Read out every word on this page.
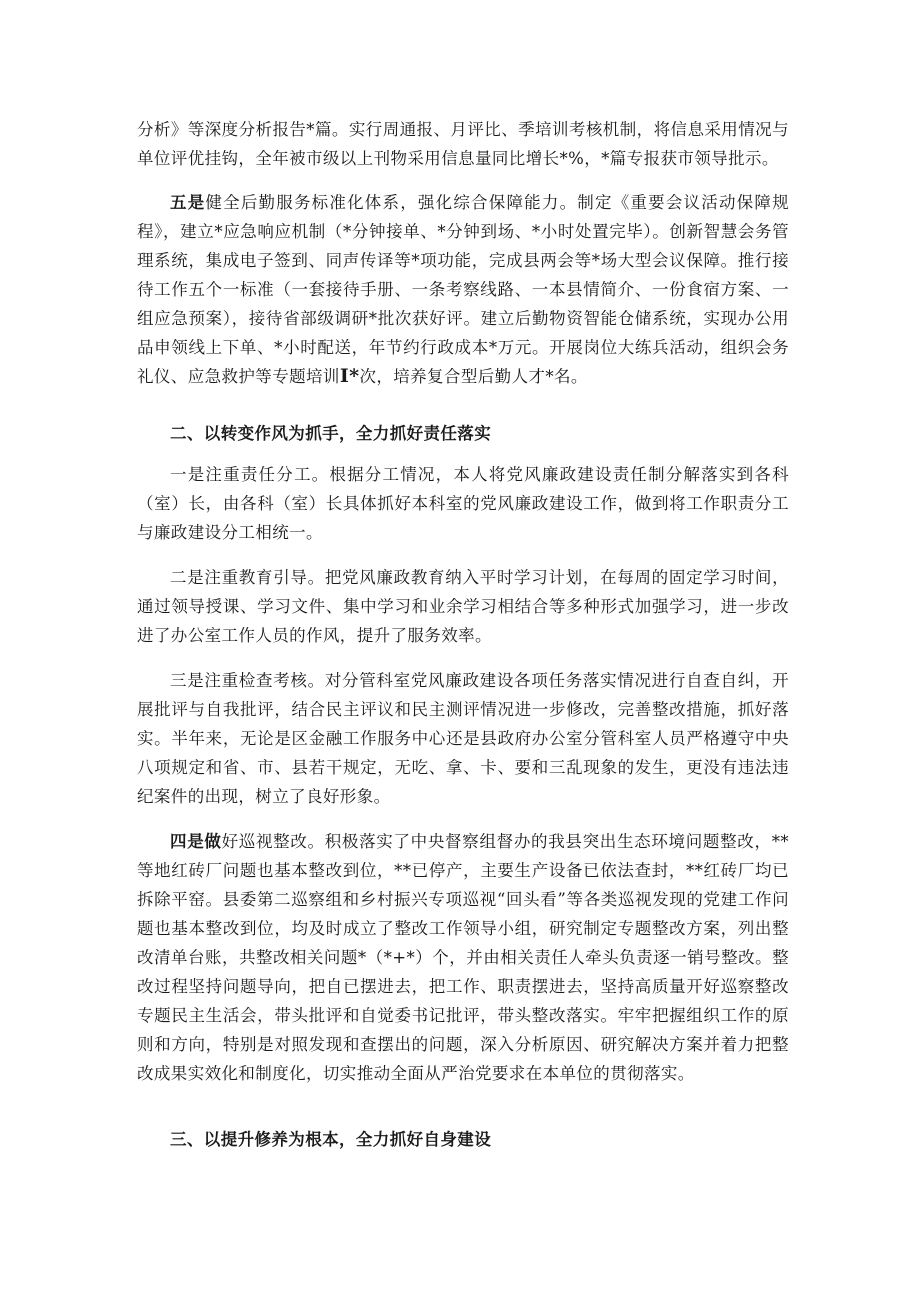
分析》等深度分析报告*篇。实行周通报、月评比、季培训考核机制，将信息采用情况与单位评优挂钩，全年被市级以上刊物采用信息量同比增长*%，*篇专报获市领导批示。

五是健全后勤服务标准化体系，强化综合保障能力。制定《重要会议活动保障规程》，建立*应急响应机制（*分钟接单、*分钟到场、*小时处置完毕）。创新智慧会务管理系统，集成电子签到、同声传译等*项功能，完成县两会等*场大型会议保障。推行接待工作五个一标准（一套接待手册、一条考察线路、一本县情简介、一份食宿方案、一组应急预案），接待省部级调研*批次获好评。建立后勤物资智能仓储系统，实现办公用品申领线上下单、*小时配送，年节约行政成本*万元。开展岗位大练兵活动，组织会务礼仪、应急救护等专题培训I*次，培养复合型后勤人才*名。

二、以转变作风为抓手，全力抓好责任落实

一是注重责任分工。根据分工情况，本人将党风廉政建设责任制分解落实到各科（室）长，由各科（室）长具体抓好本科室的党风廉政建设工作，做到将工作职责分工与廉政建设分工相统一。

二是注重教育引导。把党风廉政教育纳入平时学习计划，在每周的固定学习时间，通过领导授课、学习文件、集中学习和业余学习相结合等多种形式加强学习，进一步改进了办公室工作人员的作风，提升了服务效率。

三是注重检查考核。对分管科室党风廉政建设各项任务落实情况进行自查自纠，开展批评与自我批评，结合民主评议和民主测评情况进一步修改，完善整改措施，抓好落实。半年来，无论是区金融工作服务中心还是县政府办公室分管科室人员严格遵守中央八项规定和省、市、县若干规定，无吃、拿、卡、要和三乱现象的发生，更没有违法违纪案件的出现，树立了良好形象。

四是做好巡视整改。积极落实了中央督察组督办的我县突出生态环境问题整改，**等地红砖厂问题也基本整改到位，**已停产，主要生产设备已依法查封，**红砖厂均已拆除平窑。县委第二巡察组和乡村振兴专项巡视“回头看”等各类巡视发现的党建工作问题也基本整改到位，均及时成立了整改工作领导小组，研究制定专题整改方案，列出整改清单台账，共整改相关问题*（*+*）个，并由相关责任人牵头负责逐一销号整改。整改过程坚持问题导向，把自已摆进去，把工作、职责摆进去，坚持高质量开好巡察整改专题民主生活会，带头批评和自觉委书记批评，带头整改落实。牢牢把握组织工作的原则和方向，特别是对照发现和查摆出的问题，深入分析原因、研究解决方案并着力把整改成果实效化和制度化，切实推动全面从严治党要求在本单位的贯彻落实。

三、以提升修养为根本，全力抓好自身建设
